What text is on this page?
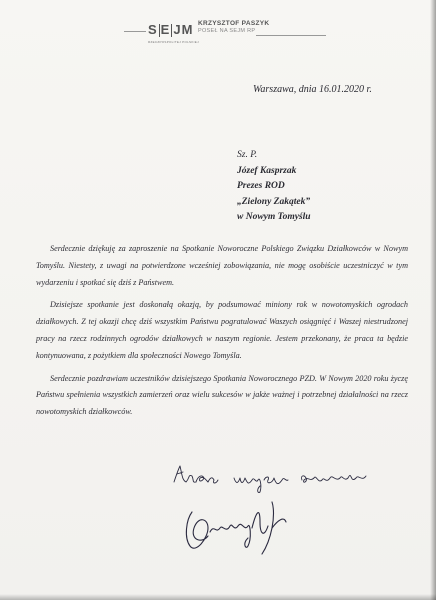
S E JM
RZECZPOSPOLITEJ POLSKIEJ
KRZYSZTOF PASZYK
POSEŁ NA SEJM RP
Warszawa, dnia 16.01.2020 r.
Sz. P.
Józef Kasprzak
Prezes ROD
„Zielony Zakątek”
w Nowym Tomyślu

Serdecznie dziękuję za zaproszenie na Spotkanie Noworoczne Polskiego Związku Działkowców w Nowym Tomyślu. Niestety, z uwagi na potwierdzone wcześniej zobowiązania, nie mogę osobiście uczestniczyć w tym wydarzeniu i spotkać się dziś z Państwem.

Dzisiejsze spotkanie jest doskonałą okazją, by podsumować miniony rok w nowotomyskich ogrodach działkowych. Z tej okazji chcę dziś wszystkim Państwu pogratulować Waszych osiągnięć i Waszej niestrudzonej pracy na rzecz rodzinnych ogrodów działkowych w naszym regionie. Jestem przekonany, że praca ta będzie kontynuowana, z pożytkiem dla społeczności Nowego Tomyśla.

Serdecznie pozdrawiam uczestników dzisiejszego Spotkania Noworocznego PZD. W Nowym 2020 roku życzę Państwu spełnienia wszystkich zamierzeń oraz wielu sukcesów w jakże ważnej i potrzebnej działalności na rzecz nowotomyskich działkowców.
